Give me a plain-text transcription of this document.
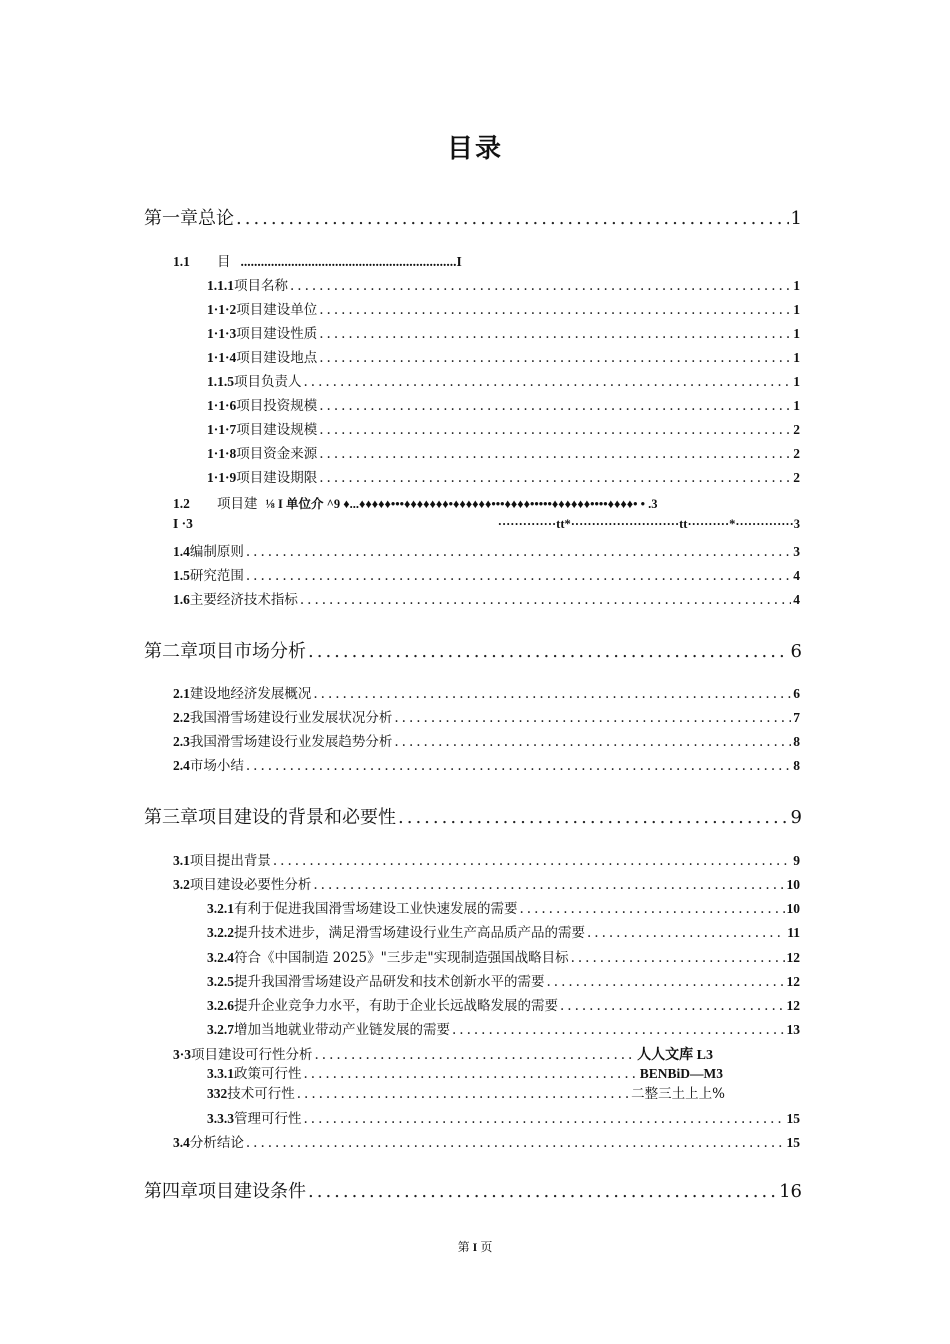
目录
第一章总论 .....	1
1.1	目 ................................................................I
1.1.1 项目名称 .....	1
1·1·2 项目建设单位 .....	1
1·1·3 项目建设性质 .....	1
1·1·4 项目建设地点 .....	1
1.1.5 项目负责人 .....	1
1·1·6 项目投资规模 .....	1
1·1·7 项目建设规模 .....	2
1·1·8 项目资金来源 .....	2
1·1·9 项目建设期限 .....	2
1.2	项目建 ⅛ I 单位介 ^9 ♦...♦♦♦♦♦•••♦♦♦♦♦♦♦•♦♦♦♦♦♦•••♦♦♦♦•••••♦♦♦♦♦♦••••♦♦♦♦• • .3
I ·3	··············tt*··························tt··········*··············3
1.4 编制原则 .....	3
1.5 研究范围 .....	4
1.6 主要经济技术指标 .....	4
第二章项目市场分析 .....	6
2.1 建设地经济发展概况 .....	6
2.2 我国滑雪场建设行业发展状况分析 .....	7
2.3 我国滑雪场建设行业发展趋势分析 .....	8
2.4 市场小结 .....	8
第三章项目建设的背景和必要性 .....	9
3.1 项目提出背景 .....	9
3.2 项目建设必要性分析 .....	10
3.2.1 有利于促进我国滑雪场建设工业快速发展的需要 .....	10
3.2.2 提升技术进步，满足滑雪场建设行业生产高品质产品的需要 .....	11
3.2.4 符合《中国制造 2025》"三步走"实现制造强国战略目标 .....	12
3.2.5 提升我国滑雪场建设产品研发和技术创新水平的需要 .....	12
3.2.6 提升企业竞争力水平，有助于企业长远战略发展的需要 .....	12
3.2.7 增加当地就业带动产业链发展的需要 .....	13
3·3 项目建设可行性分析 .....	人人文库 L3
3.3.1 政策可行性 .....	BENBiD—M3
332 技术可行性 .....	二整三土上上%
3.3.3 管理可行性 .....	15
3.4 分析结论 .....	15
第四章项目建设条件 .....	16
第 I 页
